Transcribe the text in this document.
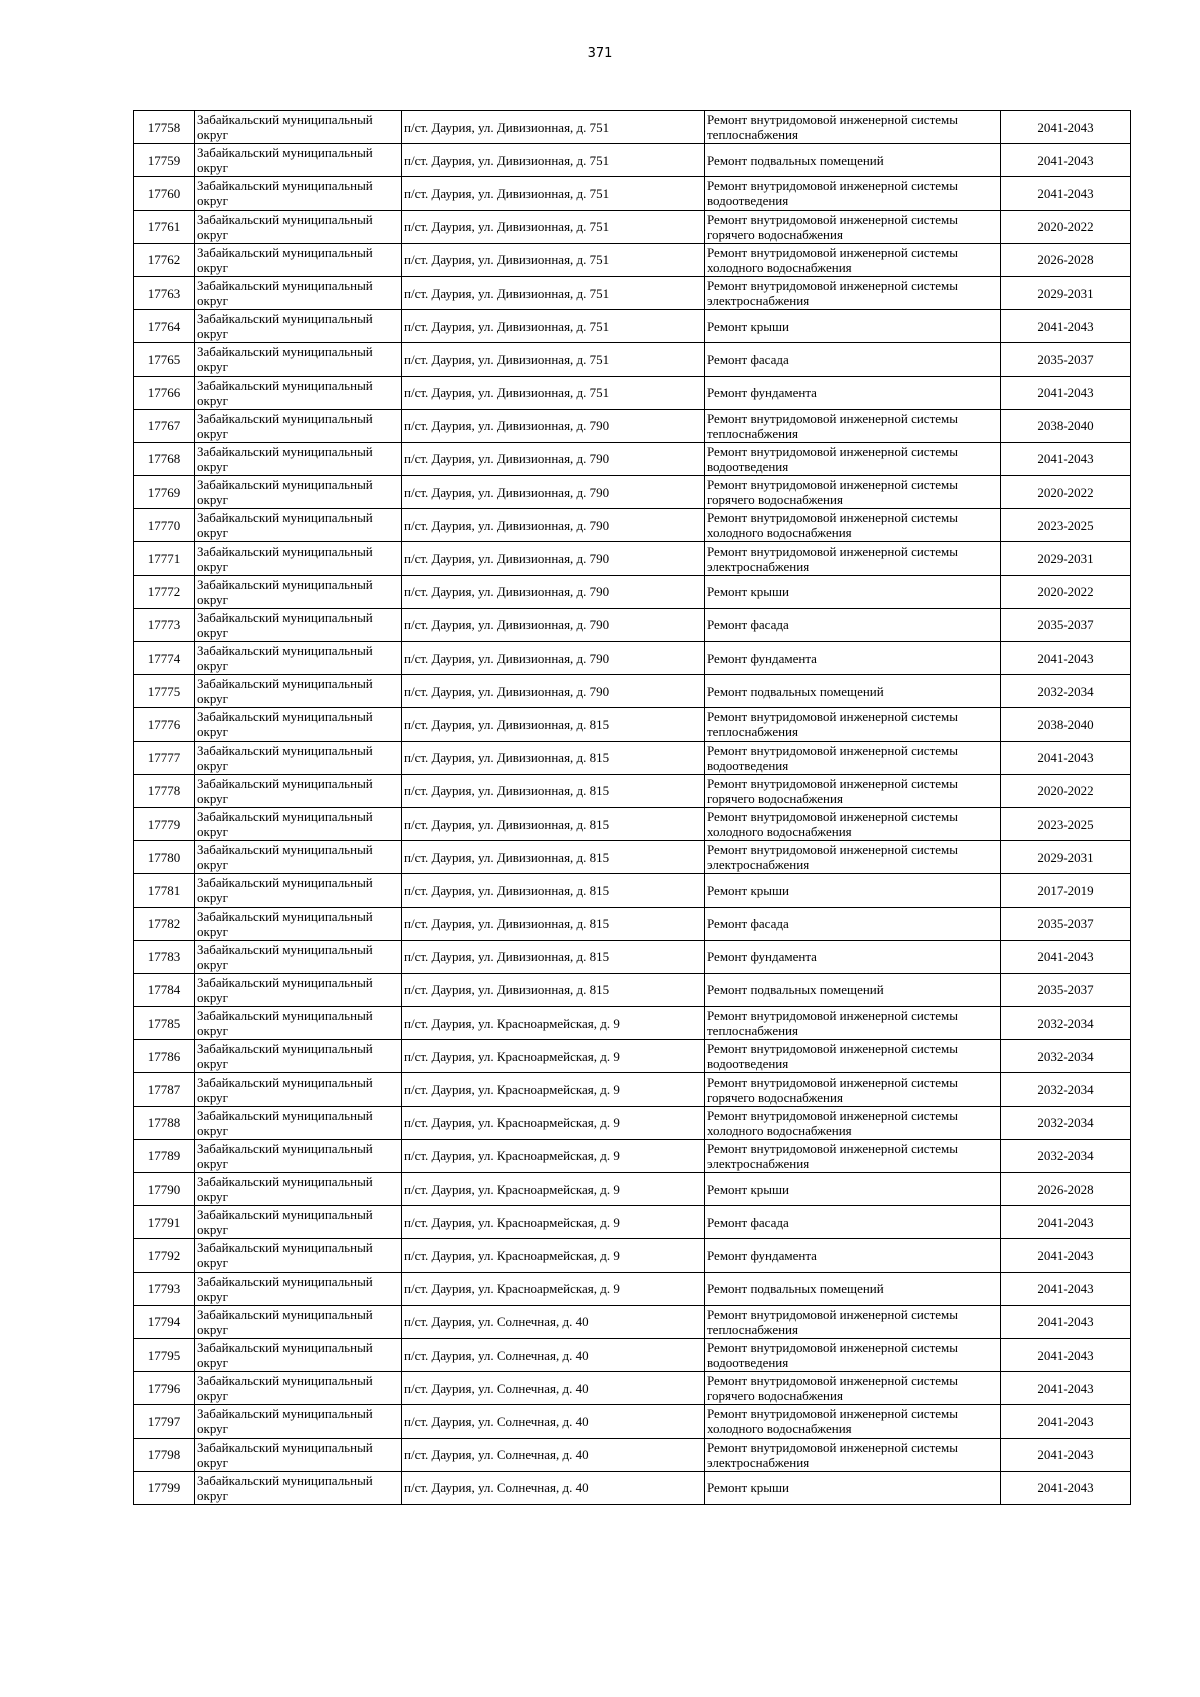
371
17758	Забайкальский муниципальный округ	п/ст. Даурия, ул. Дивизионная, д. 751	Ремонт внутридомовой инженерной системы теплоснабжения	2041-2043
17759	Забайкальский муниципальный округ	п/ст. Даурия, ул. Дивизионная, д. 751	Ремонт подвальных помещений	2041-2043
17760	Забайкальский муниципальный округ	п/ст. Даурия, ул. Дивизионная, д. 751	Ремонт внутридомовой инженерной системы водоотведения	2041-2043
17761	Забайкальский муниципальный округ	п/ст. Даурия, ул. Дивизионная, д. 751	Ремонт внутридомовой инженерной системы горячего водоснабжения	2020-2022
17762	Забайкальский муниципальный округ	п/ст. Даурия, ул. Дивизионная, д. 751	Ремонт внутридомовой инженерной системы холодного водоснабжения	2026-2028
17763	Забайкальский муниципальный округ	п/ст. Даурия, ул. Дивизионная, д. 751	Ремонт внутридомовой инженерной системы электроснабжения	2029-2031
17764	Забайкальский муниципальный округ	п/ст. Даурия, ул. Дивизионная, д. 751	Ремонт крыши	2041-2043
17765	Забайкальский муниципальный округ	п/ст. Даурия, ул. Дивизионная, д. 751	Ремонт фасада	2035-2037
17766	Забайкальский муниципальный округ	п/ст. Даурия, ул. Дивизионная, д. 751	Ремонт фундамента	2041-2043
17767	Забайкальский муниципальный округ	п/ст. Даурия, ул. Дивизионная, д. 790	Ремонт внутридомовой инженерной системы теплоснабжения	2038-2040
17768	Забайкальский муниципальный округ	п/ст. Даурия, ул. Дивизионная, д. 790	Ремонт внутридомовой инженерной системы водоотведения	2041-2043
17769	Забайкальский муниципальный округ	п/ст. Даурия, ул. Дивизионная, д. 790	Ремонт внутридомовой инженерной системы горячего водоснабжения	2020-2022
17770	Забайкальский муниципальный округ	п/ст. Даурия, ул. Дивизионная, д. 790	Ремонт внутридомовой инженерной системы холодного водоснабжения	2023-2025
17771	Забайкальский муниципальный округ	п/ст. Даурия, ул. Дивизионная, д. 790	Ремонт внутридомовой инженерной системы электроснабжения	2029-2031
17772	Забайкальский муниципальный округ	п/ст. Даурия, ул. Дивизионная, д. 790	Ремонт крыши	2020-2022
17773	Забайкальский муниципальный округ	п/ст. Даурия, ул. Дивизионная, д. 790	Ремонт фасада	2035-2037
17774	Забайкальский муниципальный округ	п/ст. Даурия, ул. Дивизионная, д. 790	Ремонт фундамента	2041-2043
17775	Забайкальский муниципальный округ	п/ст. Даурия, ул. Дивизионная, д. 790	Ремонт подвальных помещений	2032-2034
17776	Забайкальский муниципальный округ	п/ст. Даурия, ул. Дивизионная, д. 815	Ремонт внутридомовой инженерной системы теплоснабжения	2038-2040
17777	Забайкальский муниципальный округ	п/ст. Даурия, ул. Дивизионная, д. 815	Ремонт внутридомовой инженерной системы водоотведения	2041-2043
17778	Забайкальский муниципальный округ	п/ст. Даурия, ул. Дивизионная, д. 815	Ремонт внутридомовой инженерной системы горячего водоснабжения	2020-2022
17779	Забайкальский муниципальный округ	п/ст. Даурия, ул. Дивизионная, д. 815	Ремонт внутридомовой инженерной системы холодного водоснабжения	2023-2025
17780	Забайкальский муниципальный округ	п/ст. Даурия, ул. Дивизионная, д. 815	Ремонт внутридомовой инженерной системы электроснабжения	2029-2031
17781	Забайкальский муниципальный округ	п/ст. Даурия, ул. Дивизионная, д. 815	Ремонт крыши	2017-2019
17782	Забайкальский муниципальный округ	п/ст. Даурия, ул. Дивизионная, д. 815	Ремонт фасада	2035-2037
17783	Забайкальский муниципальный округ	п/ст. Даурия, ул. Дивизионная, д. 815	Ремонт фундамента	2041-2043
17784	Забайкальский муниципальный округ	п/ст. Даурия, ул. Дивизионная, д. 815	Ремонт подвальных помещений	2035-2037
17785	Забайкальский муниципальный округ	п/ст. Даурия, ул. Красноармейская, д. 9	Ремонт внутридомовой инженерной системы теплоснабжения	2032-2034
17786	Забайкальский муниципальный округ	п/ст. Даурия, ул. Красноармейская, д. 9	Ремонт внутридомовой инженерной системы водоотведения	2032-2034
17787	Забайкальский муниципальный округ	п/ст. Даурия, ул. Красноармейская, д. 9	Ремонт внутридомовой инженерной системы горячего водоснабжения	2032-2034
17788	Забайкальский муниципальный округ	п/ст. Даурия, ул. Красноармейская, д. 9	Ремонт внутридомовой инженерной системы холодного водоснабжения	2032-2034
17789	Забайкальский муниципальный округ	п/ст. Даурия, ул. Красноармейская, д. 9	Ремонт внутридомовой инженерной системы электроснабжения	2032-2034
17790	Забайкальский муниципальный округ	п/ст. Даурия, ул. Красноармейская, д. 9	Ремонт крыши	2026-2028
17791	Забайкальский муниципальный округ	п/ст. Даурия, ул. Красноармейская, д. 9	Ремонт фасада	2041-2043
17792	Забайкальский муниципальный округ	п/ст. Даурия, ул. Красноармейская, д. 9	Ремонт фундамента	2041-2043
17793	Забайкальский муниципальный округ	п/ст. Даурия, ул. Красноармейская, д. 9	Ремонт подвальных помещений	2041-2043
17794	Забайкальский муниципальный округ	п/ст. Даурия, ул. Солнечная, д. 40	Ремонт внутридомовой инженерной системы теплоснабжения	2041-2043
17795	Забайкальский муниципальный округ	п/ст. Даурия, ул. Солнечная, д. 40	Ремонт внутридомовой инженерной системы водоотведения	2041-2043
17796	Забайкальский муниципальный округ	п/ст. Даурия, ул. Солнечная, д. 40	Ремонт внутридомовой инженерной системы горячего водоснабжения	2041-2043
17797	Забайкальский муниципальный округ	п/ст. Даурия, ул. Солнечная, д. 40	Ремонт внутридомовой инженерной системы холодного водоснабжения	2041-2043
17798	Забайкальский муниципальный округ	п/ст. Даурия, ул. Солнечная, д. 40	Ремонт внутридомовой инженерной системы электроснабжения	2041-2043
17799	Забайкальский муниципальный округ	п/ст. Даурия, ул. Солнечная, д. 40	Ремонт крыши	2041-2043
